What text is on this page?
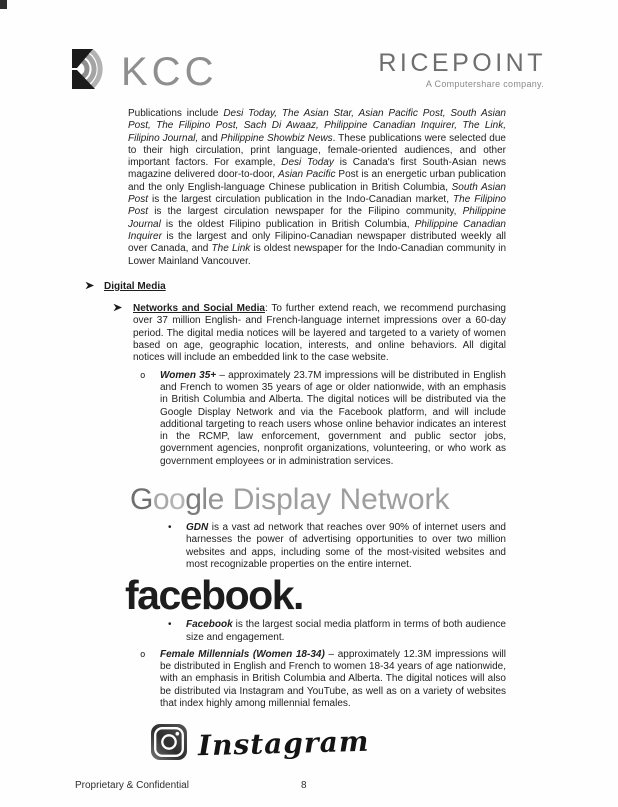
KCC	RICEPOINT
A Computershare company.
Publications include Desi Today, The Asian Star, Asian Pacific Post, South Asian Post, The Filipino Post, Sach Di Awaaz, Philippine Canadian Inquirer, The Link, Filipino Journal, and Philippine Showbiz News. These publications were selected due to their high circulation, print language, female-oriented audiences, and other important factors. For example, Desi Today is Canada's first South-Asian news magazine delivered door-to-door, Asian Pacific Post is an energetic urban publication and the only English-language Chinese publication in British Columbia, South Asian Post is the largest circulation publication in the Indo-Canadian market, The Filipino Post is the largest circulation newspaper for the Filipino community, Philippine Journal is the oldest Filipino publication in British Columbia, Philippine Canadian Inquirer is the largest and only Filipino-Canadian newspaper distributed weekly all over Canada, and The Link is oldest newspaper for the Indo-Canadian community in Lower Mainland Vancouver.
Digital Media
Networks and Social Media: To further extend reach, we recommend purchasing over 37 million English- and French-language internet impressions over a 60-day period. The digital media notices will be layered and targeted to a variety of women based on age, geographic location, interests, and online behaviors. All digital notices will include an embedded link to the case website.
o Women 35+ – approximately 23.7M impressions will be distributed in English and French to women 35 years of age or older nationwide, with an emphasis in British Columbia and Alberta. The digital notices will be distributed via the Google Display Network and via the Facebook platform, and will include additional targeting to reach users whose online behavior indicates an interest in the RCMP, law enforcement, government and public sector jobs, government agencies, nonprofit organizations, volunteering, or who work as government employees or in administration services.
Google Display Network
• GDN is a vast ad network that reaches over 90% of internet users and harnesses the power of advertising opportunities to over two million websites and apps, including some of the most-visited websites and most recognizable properties on the entire internet.
facebook.
• Facebook is the largest social media platform in terms of both audience size and engagement.
o Female Millennials (Women 18-34) – approximately 12.3M impressions will be distributed in English and French to women 18-34 years of age nationwide, with an emphasis in British Columbia and Alberta. The digital notices will also be distributed via Instagram and YouTube, as well as on a variety of websites that index highly among millennial females.
Instagram
Proprietary & Confidential	8
